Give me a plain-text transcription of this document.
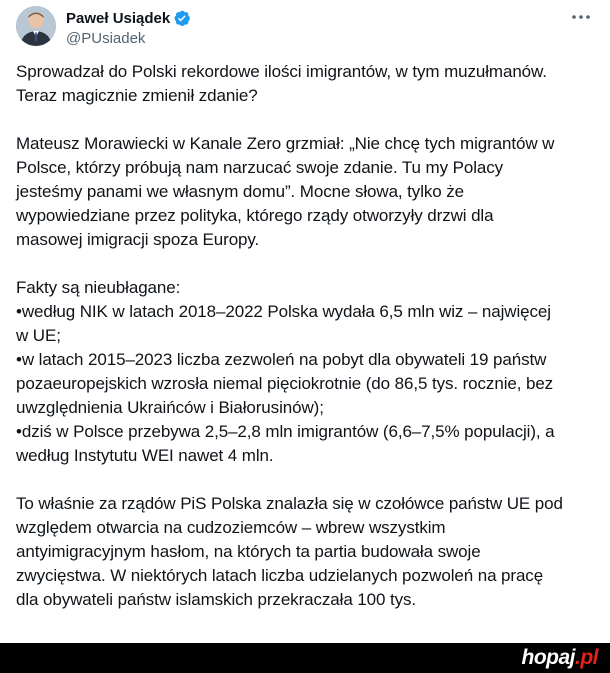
Paweł Usiądek
@PUsiadek
Sprowadzał do Polski rekordowe ilości imigrantów, w tym muzułmanów.
Teraz magicznie zmienił zdanie?

Mateusz Morawiecki w Kanale Zero grzmiał: „Nie chcę tych migrantów w
Polsce, którzy próbują nam narzucać swoje zdanie. Tu my Polacy
jesteśmy panami we własnym domu”. Mocne słowa, tylko że
wypowiedziane przez polityka, którego rządy otworzyły drzwi dla
masowej imigracji spoza Europy.

Fakty są nieubłagane:
•według NIK w latach 2018–2022 Polska wydała 6,5 mln wiz – najwięcej
w UE;
•w latach 2015–2023 liczba zezwoleń na pobyt dla obywateli 19 państw
pozaeuropejskich wzrosła niemal pięciokrotnie (do 86,5 tys. rocznie, bez
uwzględnienia Ukraińców i Białorusinów);
•dziś w Polsce przebywa 2,5–2,8 mln imigrantów (6,6–7,5% populacji), a
według Instytutu WEI nawet 4 mln.

To właśnie za rządów PiS Polska znalazła się w czołówce państw UE pod
względem otwarcia na cudzoziemców – wbrew wszystkim
antyimigracyjnym hasłom, na których ta partia budowała swoje
zwycięstwa. W niektórych latach liczba udzielanych pozwoleń na pracę
dla obywateli państw islamskich przekraczała 100 tys.
hopaj.pl
